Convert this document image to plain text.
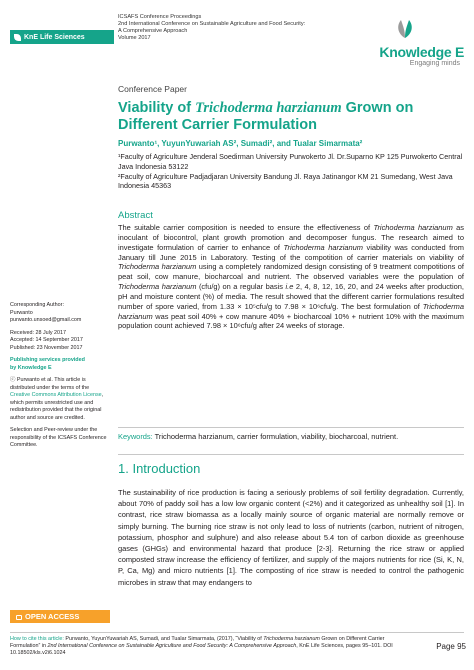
KnE Life Sciences
ICSAFS Conference Proceedings
2nd International Conference on Sustainable Agriculture and Food Security:
A Comprehensive Approach
Volume 2017
Knowledge E
Engaging minds
Conference Paper
Viability of Trichoderma harzianum Grown on Different Carrier Formulation
Purwanto¹, YuyunYuwariah AS², Sumadi², and Tualar Simarmata²
¹Faculty of Agriculture Jenderal Soedirman University Purwokerto Jl. Dr.Suparno KP 125 Purwokerto Central Java Indonesia 53122
²Faculty of Agriculture Padjadjaran University Bandung Jl. Raya Jatinangor KM 21 Sumedang, West Java Indonesia 45363
Abstract
The suitable carrier composition is needed to ensure the effectiveness of Trichoderma harzianum as inoculant of biocontrol, plant growth promotion and decomposer fungus. The research aimed to investigate formulation of carrier to enhance of Trichoderma harzianum viability was conducted from January till June 2015 in Laboratory. Testing of the compotition of carrier materials on viability of Trichoderma harzianum using a completely randomized design consisting of 9 treatment compotitions of peat soil, cow manure, biocharcoal and nutrient. The observed variables were the population of Trichoderma harzianum (cfu/g) on a regular basis i.e 2, 4, 8, 12, 16, 20, and 24 weeks after production, pH and moisture content (%) of media. The result showed that the different carrier formulations resulted number of spore varied, from 1.33 × 10⁵cfu/g to 7.98 × 10⁶cfu/g. The best formulation of Trichoderma harzianum was peat soil 40% + cow manure 40% + biocharcoal 10% + nutrient 10% with the maximum population count achieved 7.98 × 10⁶cfu/g after 24 weeks of storage.
Keywords: Trichoderma harzianum, carrier formulation, viability, biocharcoal, nutrient.
1. Introduction
The sustainability of rice production is facing a seriously problems of soil fertility degradation. Currently, about 70% of paddy soil has a low low organic content (<2%) and it categorized as unhealthy soil [1]. In contrast, rice straw biomassa as a locally mainly source of organic material are normally remove or simply burning. The burning rice straw is not only lead to loss of nutrients (carbon, nutrient of nitrogen, potassium, phosphor and sulphure) and also release about 5.4 ton of carbon dioxide as greenhouse gases (GHGs) and environmental hazard that produce [2-3]. Returning the rice straw or applied composted straw increase the efficiency of fertilizer, and supply of the majors nutrients for rice (Si, K, N, P, Ca, Mg) and micro nutrients [1]. The composting of rice straw is needed to control the pathogenic microbes in straw that may endangers to
Corresponding Author:
Purwanto
purwanto.unsoed@gmail.com
Received: 28 July 2017
Accepted: 14 September 2017
Published: 23 November 2017
Publishing services provided
by Knowledge E
ⓒ Purwanto et al. This article is distributed under the terms of the Creative Commons Attribution License, which permits unrestricted use and redistribution provided that the original author and source are credited.
Selection and Peer-review under the responsibility of the ICSAFS Conference Committee.
OPEN ACCESS
How to cite this article: Purwanto, YuyunYuwariah AS, Sumadi, and Tualar Simarmata, (2017), “Viability of Trichoderma harzianum Grown on Different Carrier Formulation” in 2nd International Conference on Sustainable Agriculture and Food Security: A Comprehensive Approach, KnE Life Sciences, pages 95–101. DOI 10.18502/kls.v2i6.1024
Page 95
